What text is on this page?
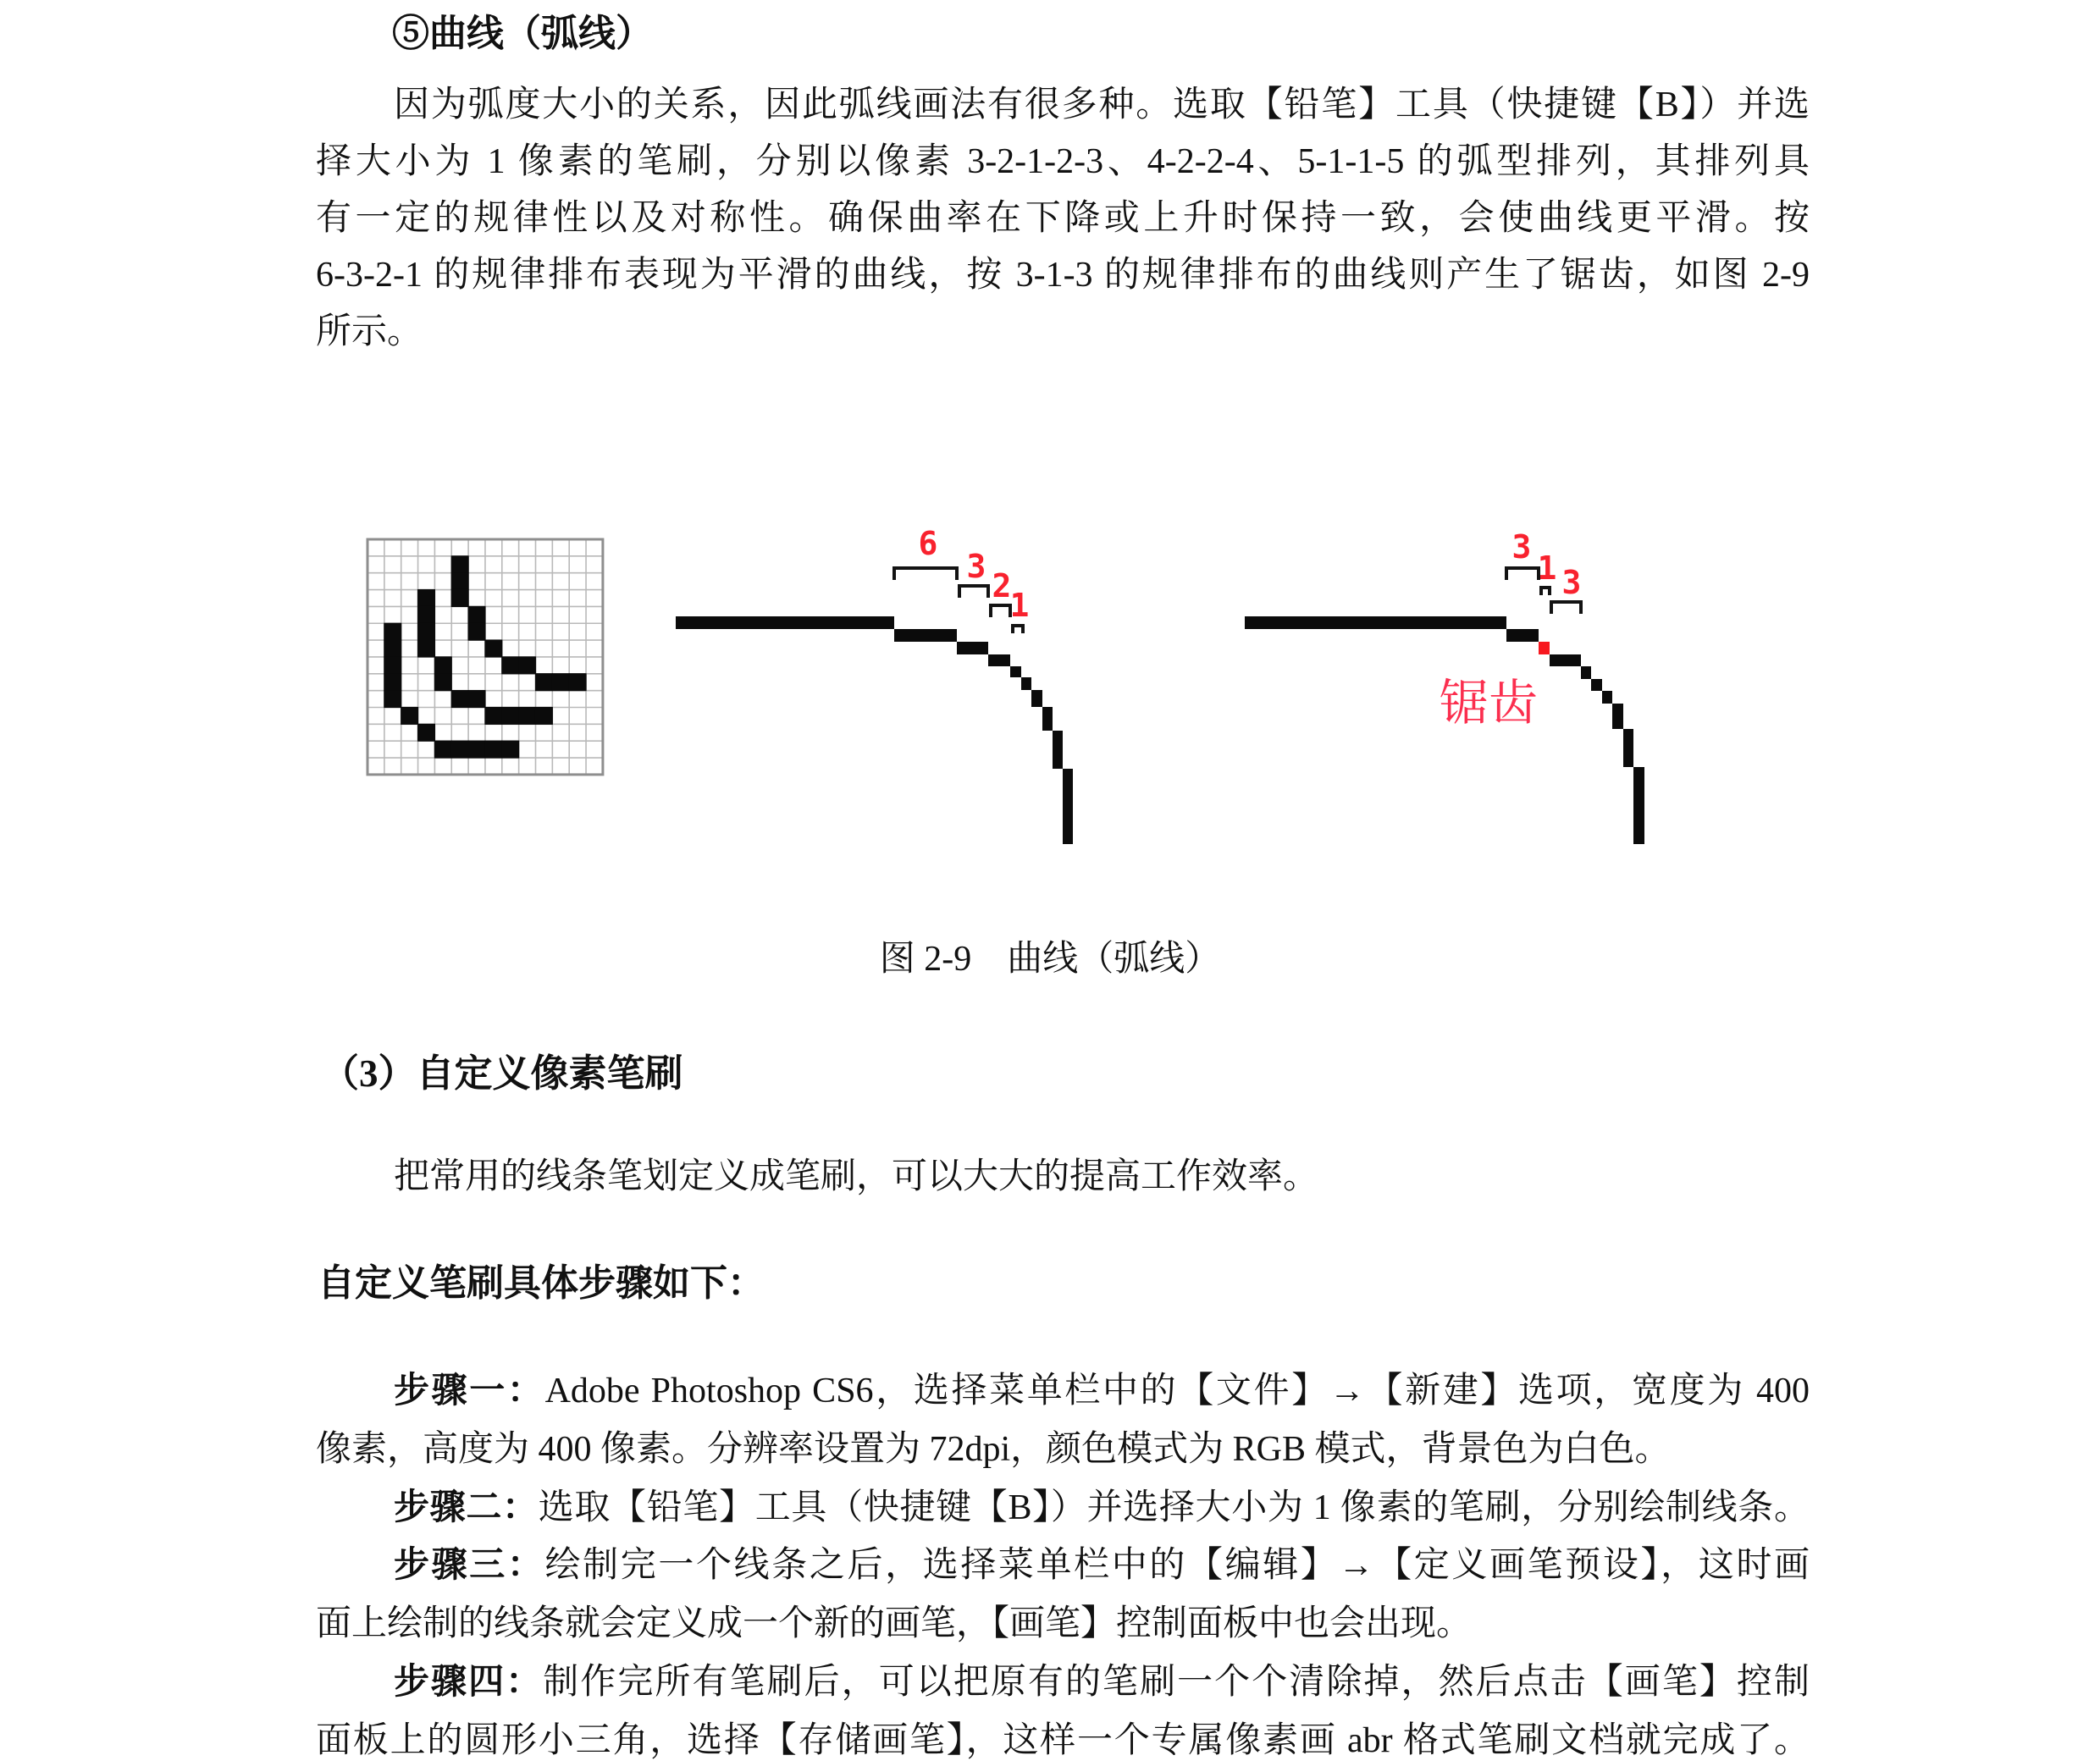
⑤曲线（弧线）
因为弧度大小的关系，因此弧线画法有很多种。选取【铅笔】工具（快捷键【B】）并选
择大小为 1 像素的笔刷，分别以像素 3-2-1-2-3、4-2-2-4、5-1-1-5 的弧型排列，其排列具
有一定的规律性以及对称性。确保曲率在下降或上升时保持一致，会使曲线更平滑。按
6-3-2-1 的规律排布表现为平滑的曲线，按 3-1-3 的规律排布的曲线则产生了锯齿，如图 2-9
所示。
6
3
2
1
3
1 3
锯齿
图 2-9　曲线（弧线）
（3）自定义像素笔刷
把常用的线条笔划定义成笔刷，可以大大的提高工作效率。
自定义笔刷具体步骤如下：
步骤一：Adobe Photoshop CS6，选择菜单栏中的【文件】→【新建】选项，宽度为 400
像素，高度为 400 像素。分辨率设置为 72dpi，颜色模式为 RGB 模式，背景色为白色。
步骤二：选取【铅笔】工具（快捷键【B】）并选择大小为 1 像素的笔刷，分别绘制线条。
步骤三：绘制完一个线条之后，选择菜单栏中的【编辑】→【定义画笔预设】，这时画
面上绘制的线条就会定义成一个新的画笔，【画笔】控制面板中也会出现。
步骤四：制作完所有笔刷后，可以把原有的笔刷一个个清除掉，然后点击【画笔】控制
面板上的圆形小三角，选择【存储画笔】，这样一个专属像素画 abr 格式笔刷文档就完成了。
